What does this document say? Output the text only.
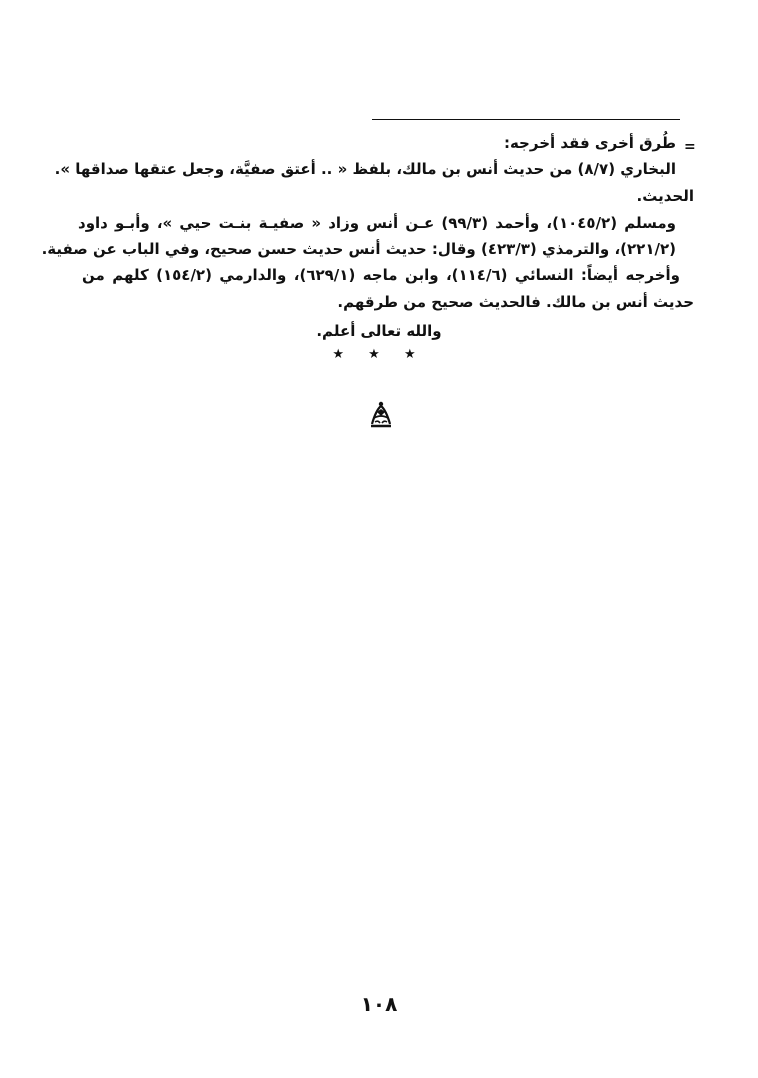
=
طُرق أخرى فقد أخرجه:
البخاري (٨/٧) من حديث أنس بن مالك، بلفظ « .. أعتق صفيَّة، وجعل عتقها صداقها ».
الحديث.
ومسلم (١٠٤٥/٢)، وأحمد (٩٩/٣) عـن أنس وزاد « صفيـة بنـت حيي »، وأبـو داود
(٢٢١/٢)، والترمذي (٤٢٣/٣) وقال: حديث أنس حديث حسن صحيح، وفي الباب عن صفية.
وأخرجه أيضاً: النسائي (١١٤/٦)، وابن ماجه (٦٢٩/١)، والدارمي (١٥٤/٢) كلهم من
حديث أنس بن مالك. فالحديث صحيح من طرقهم.
والله تعالى أعلم.
★ ★ ★
١٠٨
